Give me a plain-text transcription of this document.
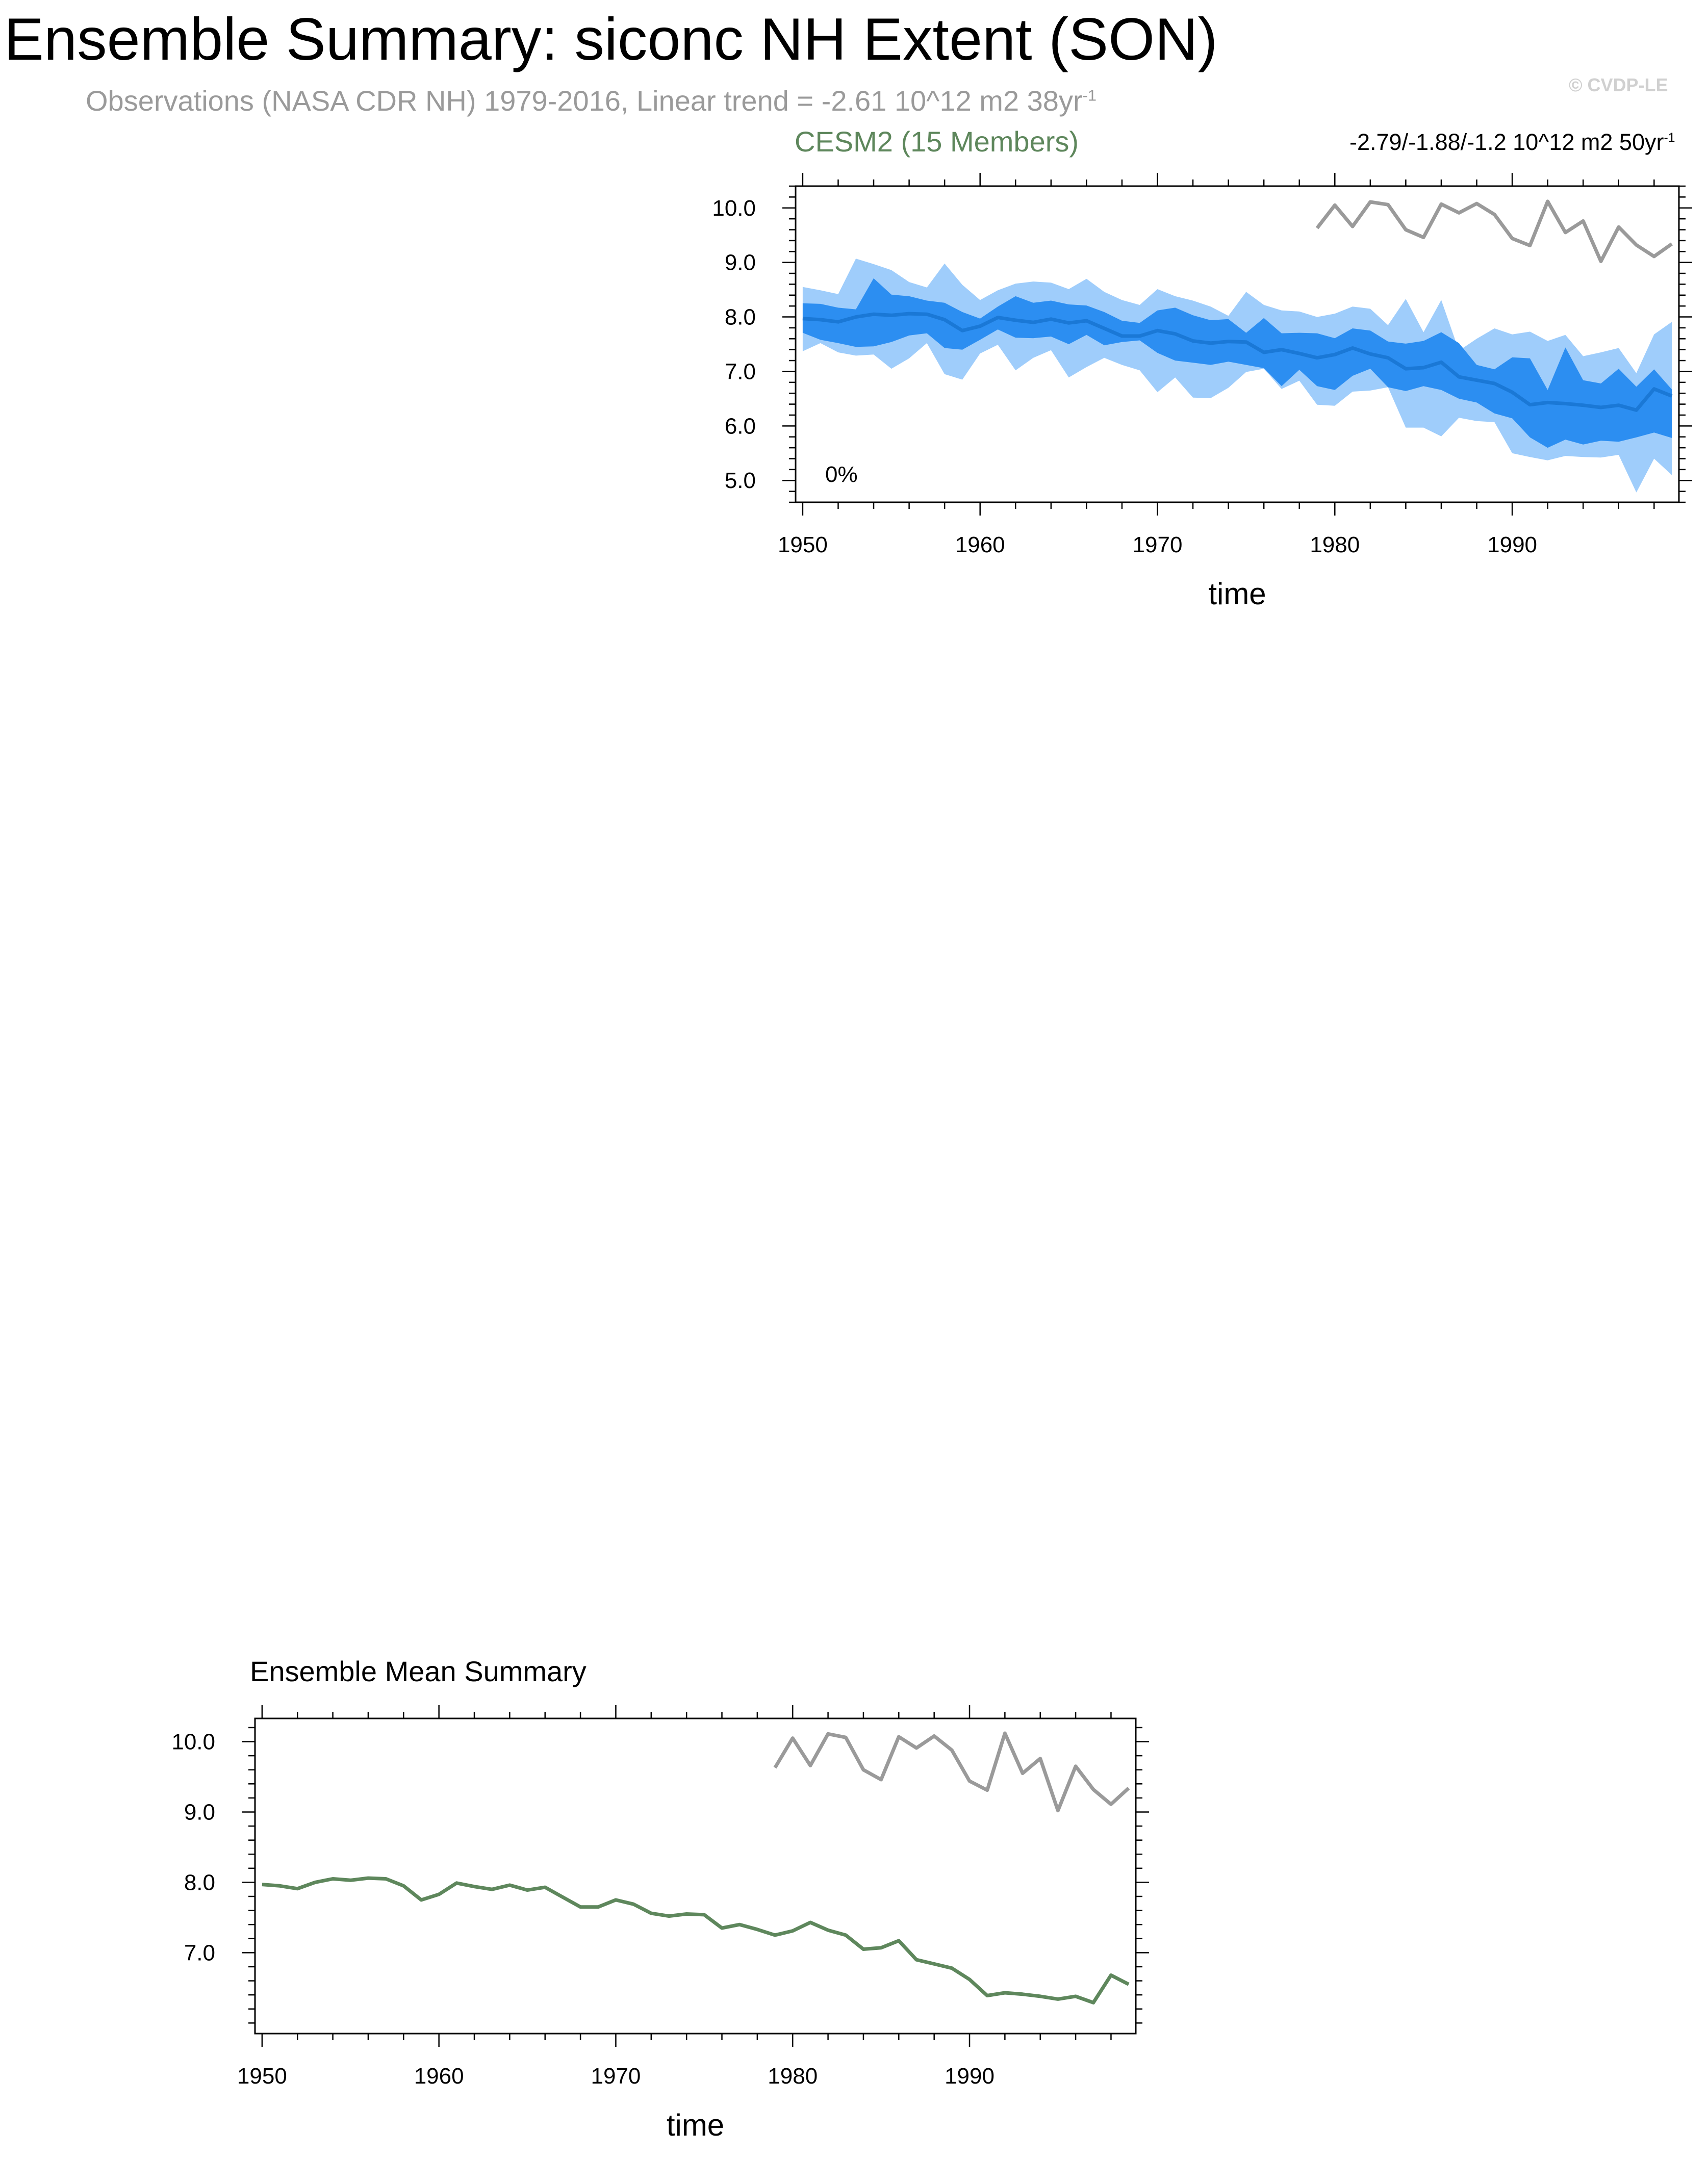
Ensemble Summary: siconc NH Extent (SON)
Observations (NASA CDR NH) 1979-2016, Linear trend = -2.61 10^12 m2 $38yr^{-1}$	© CVDP-LE
CESM2 (15 Members)	-2.79/-1.88/-1.2 10^12 m2 $50yr^{-1}$
Ensemble Mean Summary
1950	1960	1970	1980	1990
5.0
6.0
7.0
8.0
9.0
10.0
time
0%
1950	1960	1970	1980	1990
7.0
8.0
9.0
10.0
time
